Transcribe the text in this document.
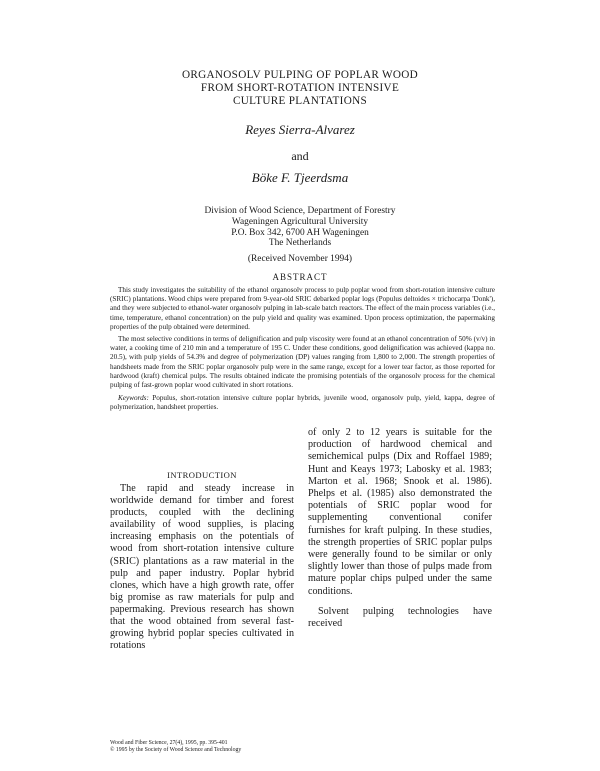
ORGANOSOLV PULPING OF POPLAR WOOD
FROM SHORT-ROTATION INTENSIVE
CULTURE PLANTATIONS
Reyes Sierra-Alvarez
and
Böke F. Tjeerdsma
Division of Wood Science, Department of Forestry
Wageningen Agricultural University
P.O. Box 342, 6700 AH Wageningen
The Netherlands
(Received November 1994)
ABSTRACT

This study investigates the suitability of the ethanol organosolv process to pulp poplar wood from short-rotation intensive culture (SRIC) plantations. Wood chips were prepared from 9-year-old SRIC debarked poplar logs (Populus deltoides × trichocarpa 'Donk'), and they were subjected to ethanol-water organosolv pulping in lab-scale batch reactors. The effect of the main process variables (i.e., time, temperature, ethanol concentration) on the pulp yield and quality was examined. Upon process optimization, the papermaking properties of the pulp obtained were determined.

The most selective conditions in terms of delignification and pulp viscosity were found at an ethanol concentration of 50% (v/v) in water, a cooking time of 210 min and a temperature of 195 C. Under these conditions, good delignification was achieved (kappa no. 20.5), with pulp yields of 54.3% and degree of polymerization (DP) values ranging from 1,800 to 2,000. The strength properties of handsheets made from the SRIC poplar organosolv pulp were in the same range, except for a lower tear factor, as those reported for hardwood (kraft) chemical pulps. The results obtained indicate the promising potentials of the organosolv process for the chemical pulping of fast-grown poplar wood cultivated in short rotations.

Keywords: Populus, short-rotation intensive culture poplar hybrids, juvenile wood, organosolv pulp, yield, kappa, degree of polymerization, handsheet properties.

INTRODUCTION

The rapid and steady increase in worldwide demand for timber and forest products, coupled with the declining availability of wood supplies, is placing increasing emphasis on the potentials of wood from short-rotation intensive culture (SRIC) plantations as a raw material in the pulp and paper industry. Poplar hybrid clones, which have a high growth rate, offer big promise as raw materials for pulp and papermaking. Previous research has shown that the wood obtained from several fast-growing hybrid poplar species cultivated in rotations

of only 2 to 12 years is suitable for the production of hardwood chemical and semichemical pulps (Dix and Roffael 1989; Hunt and Keays 1973; Labosky et al. 1983; Marton et al. 1968; Snook et al. 1986). Phelps et al. (1985) also demonstrated the potentials of SRIC poplar wood for supplementing conventional conifer furnishes for kraft pulping. In these studies, the strength properties of SRIC poplar pulps were generally found to be similar or only slightly lower than those of pulps made from mature poplar chips pulped under the same conditions.

Solvent pulping technologies have received

Wood and Fiber Science, 27(4), 1995, pp. 395-401
© 1995 by the Society of Wood Science and Technology
